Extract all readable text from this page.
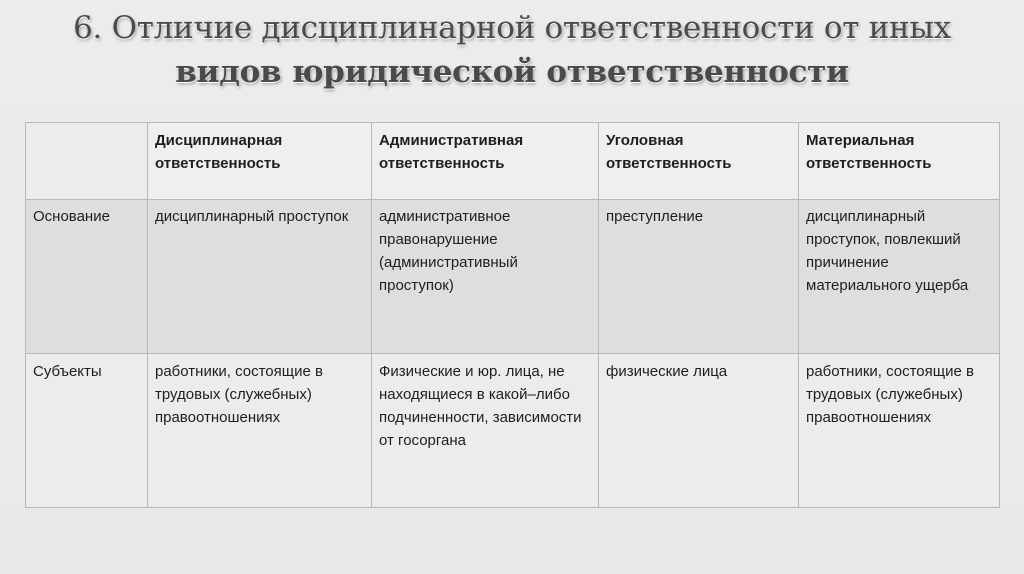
6. Отличие дисциплинарной ответственности от иных
видов юридической ответственности
	Дисциплинарная ответственность	Административная ответственность	Уголовная ответственность	Материальная ответственность
Основание	дисциплинарный проступок	административное правонарушение (административный проступок)	преступление	дисциплинарный проступок, повлекший причинение материального ущерба
Субъекты	работники, состоящие в трудовых (служебных) правоотношениях	Физические и юр. лица, не находящиеся в какой–либо подчиненности, зависимости от госоргана	физические лица	работники, состоящие в трудовых (служебных) правоотношениях
